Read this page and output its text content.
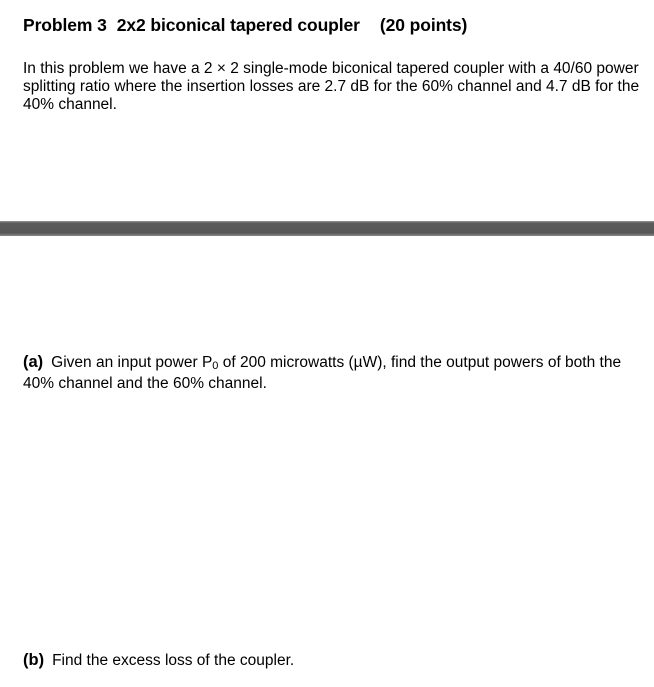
Problem 3 2x2 biconical tapered coupler (20 points)
In this problem we have a 2 × 2 single-mode biconical tapered coupler with a 40/60 power splitting ratio where the insertion losses are 2.7 dB for the 60% channel and 4.7 dB for the 40% channel.
(a) Given an input power P0 of 200 microwatts (µW), find the output powers of both the 40% channel and the 60% channel.
(b) Find the excess loss of the coupler.
